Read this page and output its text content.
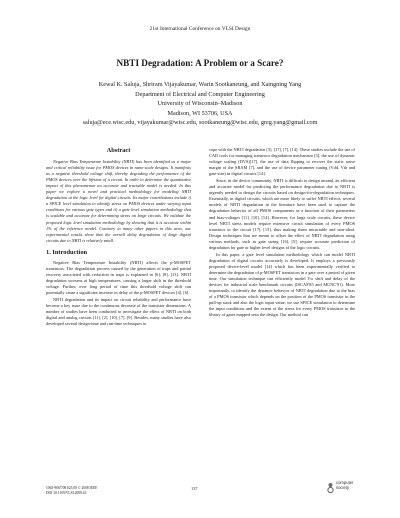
21st International Conference on VLSI Design
NBTI Degradation: A Problem or a Scare?
Kewal K. Saluja, Shriram Vijayakumar, Warin Sootkaneung, and Xaingning Yang
Department of Electrical and Computer Engineering
University of Wisconsin–Madison
Madison, WI 53706, USA
saluja@ece.wisc.edu, vijayakumar@wisc.edu, sootkaneung@wisc.edu, greg.yang@gmail.com
Abstract

Negative Bias Temperature Instability (NBTI) has been identified as a major and critical reliability issue for PMOS devices in nano-scale designs. It manifests as a negative threshold voltage shift, thereby degrading the performance of the PMOS devices over the lifetime of a circuit. In order to determine the quantitative impact of this phenomenon an accurate and tractable model is needed. In this paper we explore a novel and practical methodology for modeling NBTI degradation at the logic level for digital circuits. Its major contributions include i) a SPICE level simulation to identify stress on PMOS devices under varying input conditions for various gate types and ii) a gate level simulation methodology that is scalable and accurate for determining stress on large circuits. We validate the proposed logic level simulation methodology by showing that it is accurate within 1% of the reference model. Contrary to many other papers in this area, our experimental results show that the overall delay degradation of large digital circuits due to NBTI is relatively small.

1. Introduction

Negative Bias Temperature Instability (NBTI) affects the p-MOSFET transistors. The degradation process caused by the generation of traps and partial recovery associated with reduction in traps is explained in [6], [8], [13]. NBTI degradation worsens at high temperatures, causing a larger shift in the threshold voltage. Further, over long period of time this threshold voltage shift can potentially cause a significant increase in delay of the p-MOSFET devices [4], [6].

NBTI degradation and its impact on circuit reliability and performance have become a key issue due to the continuous decrease of the transistor dimensions. A number of studies have been conducted to investigate the effect of NBTI on both digital and analog circuits [11], [2], [10], [7], [9]. Besides, many studies have also developed several design-time and run-time techniques to

cope with the NBTI degradation [3], [17], [7], [14]. These studies include the use of CAD tools for managing transistor degradation mechanism [3], the use of dynamic voltage scaling (DVS)[17], the use of data flipping to recover the static noise margin of the SRAM [7], and the use of device parameter tuning (Vdd, Vth and gate-size) in digital circuits [14].

Since, in the device community, NBTI is difficult to design around, an efficient and accurate model for predicting the performance degradation due to NBTI is urgently needed to design the circuits based on design-for-degradation techniques. Essentially, in digital circuits, which are more likely to suffer NBTI effects, several models of NBTI degradation in the literature have been used to capture the degradation behavior of all PMOS components as a function of their parameters and bias-voltages [11], [10], [14]. However, for large scale circuits, these device level NBTI stress models require extensive circuit simulation of every PMOS transistor in the circuit [17], [13], thus making them intractable and non-ideal. Design techniques that are meant to offset the effect of NBTI degradation using various methods, such as gate sizing [16], [5], require accurate prediction of degradation for gate or higher level designs of the logic circuits.

In this paper, a gate level simulation methodology which can model NBTI degradation of digital circuits accurately is developed. It employs a previously proposed device-level model [14] which has been experimentally verified to determine the degradation of p-MOSFET transistors in a gate over a period of given time. Our simulation technique can efficiently model Vₜₕ shift and delay of the devices for industrial scale benchmark circuits (ISCAS'85 and MCNC'91). More importantly, to identify the dynamic behavior of NBTI degradation due to the bias of a PMOS transistor which depends on the position of the PMOS transistor in the pull-up stack and also the logic input value, we use SPICE simulation to determine the input conditions and the extent of the stress for every PMOS transistor in the library of gates mapped onto the design. Our method can

1063-9667/08 $25.00 © 2008 IEEE
DOI 10.1109/VLSI.2008.43
137
computer
society
